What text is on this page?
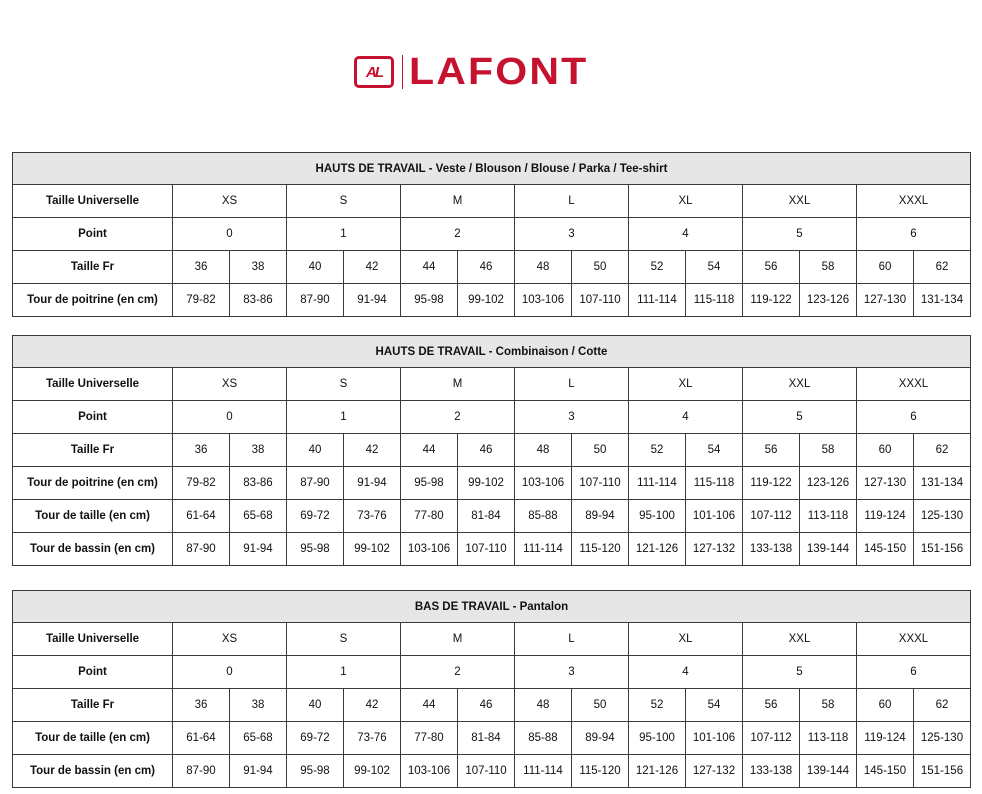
AL LAFONT
HAUTS DE TRAVAIL - Veste / Blouson / Blouse / Parka / Tee-shirt														
Taille Universelle	XS		S		M		L		XL		XXL		XXXL	
Point	0		1		2		3		4		5		6	
Taille Fr	36	38	40	42	44	46	48	50	52	54	56	58	60	62
Tour de poitrine (en cm)	79-82	83-86	87-90	91-94	95-98	99-102	103-106	107-110	111-114	115-118	119-122	123-126	127-130	131-134
HAUTS DE TRAVAIL - Combinaison / Cotte														
Taille Universelle	XS		S		M		L		XL		XXL		XXXL	
Point	0		1		2		3		4		5		6	
Taille Fr	36	38	40	42	44	46	48	50	52	54	56	58	60	62
Tour de poitrine (en cm)	79-82	83-86	87-90	91-94	95-98	99-102	103-106	107-110	111-114	115-118	119-122	123-126	127-130	131-134
Tour de taille (en cm)	61-64	65-68	69-72	73-76	77-80	81-84	85-88	89-94	95-100	101-106	107-112	113-118	119-124	125-130
Tour de bassin (en cm)	87-90	91-94	95-98	99-102	103-106	107-110	111-114	115-120	121-126	127-132	133-138	139-144	145-150	151-156
BAS DE TRAVAIL - Pantalon														
Taille Universelle	XS		S		M		L		XL		XXL		XXXL	
Point	0		1		2		3		4		5		6	
Taille Fr	36	38	40	42	44	46	48	50	52	54	56	58	60	62
Tour de taille (en cm)	61-64	65-68	69-72	73-76	77-80	81-84	85-88	89-94	95-100	101-106	107-112	113-118	119-124	125-130
Tour de bassin (en cm)	87-90	91-94	95-98	99-102	103-106	107-110	111-114	115-120	121-126	127-132	133-138	139-144	145-150	151-156
